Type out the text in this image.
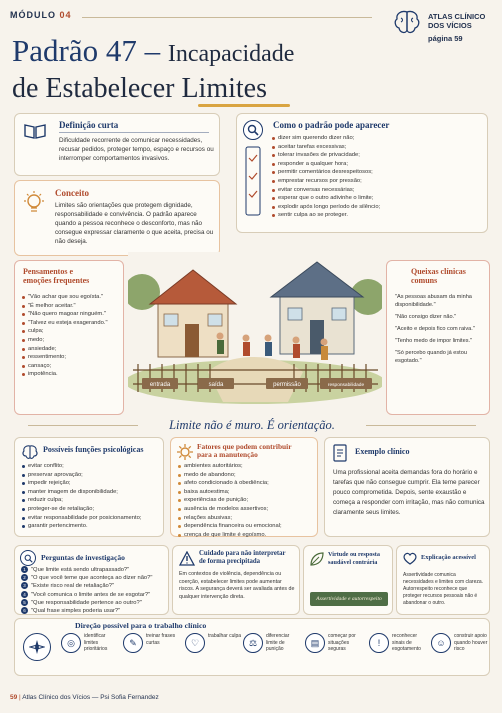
MÓDULO 04	ATLAS CLÍNICO
DOS VÍCIOS
página 59
Padrão 47 – Incapacidade
de Estabelecer Limites
Definição curta
Dificuldade recorrente de comunicar necessidades, recusar pedidos, proteger tempo, espaço e recursos ou interromper comportamentos invasivos.
Como o padrão pode aparecer
dizer sim querendo dizer não;
aceitar tarefas excessivas;
tolerar invasões de privacidade;
responder a qualquer hora;
permitir comentários desrespeitosos;
emprestar recursos por pressão;
evitar conversas necessárias;
esperar que o outro adivinhe o limite;
explodir após longo período de silêncio;
sentir culpa ao se proteger.
Conceito
Limites são orientações que protegem dignidade, responsabilidade e convivência. O padrão aparece quando a pessoa reconhece o desconforto, mas não consegue expressar claramente o que aceita, precisa ou não deseja.
Pensamentos e
emoções frequentes
"Vão achar que sou egoísta."
"É melhor aceitar."
"Não quero magoar ninguém."
"Talvez eu esteja exagerando."
culpa;
medo;
ansiedade;
ressentimento;
cansaço;
impotência.
entrada	saída	permissão	responsabilidade
Queixas clínicas
comuns
"As pessoas abusam da minha disponibilidade."
"Não consigo dizer não."
"Aceito e depois fico com raiva."
"Tenho medo de impor limites."
"Só percebo quando já estou esgotado."
Limite não é muro. É orientação.
Possíveis funções psicológicas
evitar conflito;
preservar aprovação;
impedir rejeição;
manter imagem de disponibilidade;
reduzir culpa;
proteger-se de retaliação;
evitar responsabilidade por posicionamento;
garantir pertencimento.
Fatores que podem contribuir
para a manutenção
ambientes autoritários;
medo de abandono;
afeto condicionado à obediência;
baixa autoestima;
experiências de punição;
ausência de modelos assertivos;
relações abusivas;
dependência financeira ou emocional;
crença de que limite é egoísmo.
Exemplo clínico
Uma profissional aceita demandas fora do horário e tarefas que não consegue cumprir. Ela teme parecer pouco comprometida. Depois, sente exaustão e começa a responder com irritação, mas não comunica claramente seus limites.
Perguntas de investigação
1 "Que limite está sendo ultrapassado?"
2 "O que você teme que aconteça ao dizer não?"
3 "Existe risco real de retaliação?"
4 "Você comunica o limite antes de se esgotar?"
5 "Que responsabilidade pertence ao outro?"
6 "Qual frase simples poderia usar?"
Cuidado para não interpretar
de forma precipitada
Em contextos de violência, dependência ou coerção, estabelecer limites pode aumentar riscos. A segurança deverá ser avaliada antes de qualquer intervenção direta.
Virtude ou resposta
saudável contrária
Assertividade e autorrespeito
Explicação acessível
Assertividade comunica necessidades e limites com clareza. Autorrespeito reconhece que proteger recursos pessoais não é abandonar o outro.
Direção possível para o trabalho clínico
◎
identificar limites prioritários
✎
treinar frases curtas	♡
trabalhar culpa
⚖
diferenciar limite de punição
▤
começar por situações seguras
!
reconhecer sinais de esgotamento
☺
construir apoio quando houver risco
59 | Atlas Clínico dos Vícios — Psi Sofia Fernandez
